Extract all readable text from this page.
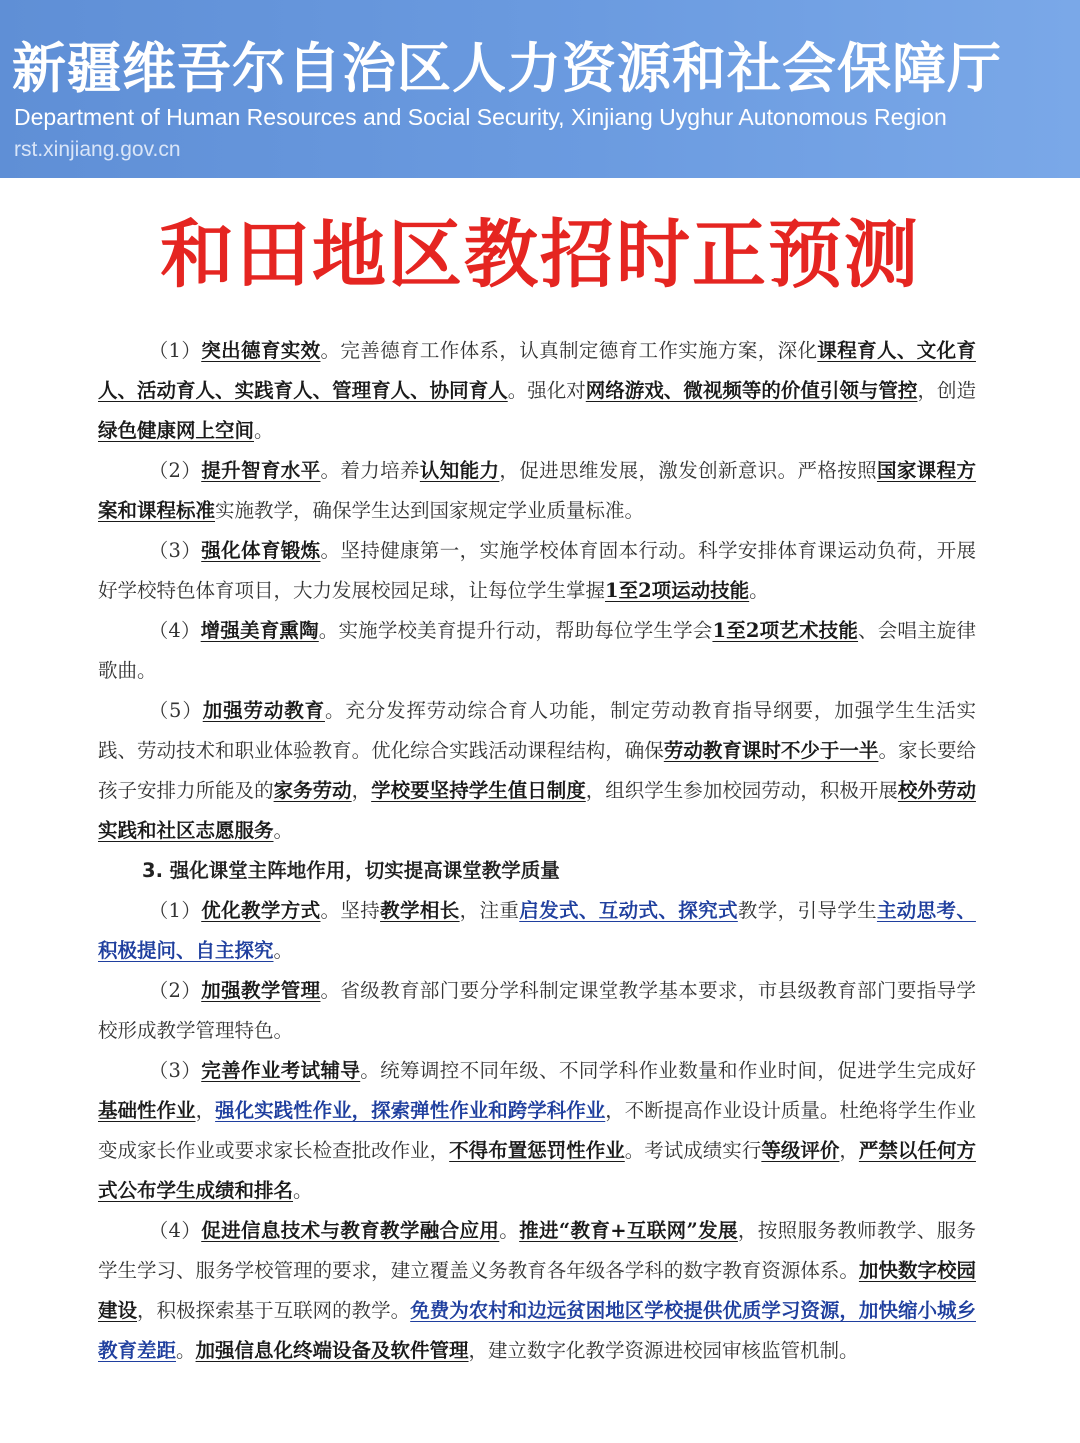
新疆维吾尔自治区人力资源和社会保障厅
Department of Human Resources and Social Security, Xinjiang Uyghur Autonomous Region
rst.xinjiang.gov.cn
和田地区教招时正预测

（1）突出德育实效。完善德育工作体系，认真制定德育工作实施方案，深化课程育人、文化育人、活动育人、实践育人、管理育人、协同育人。强化对网络游戏、微视频等的价值引领与管控，创造绿色健康网上空间。

（2）提升智育水平。着力培养认知能力，促进思维发展，激发创新意识。严格按照国家课程方案和课程标准实施教学，确保学生达到国家规定学业质量标准。

（3）强化体育锻炼。坚持健康第一，实施学校体育固本行动。科学安排体育课运动负荷，开展好学校特色体育项目，大力发展校园足球，让每位学生掌握1至2项运动技能。

（4）增强美育熏陶。实施学校美育提升行动，帮助每位学生学会1至2项艺术技能、会唱主旋律歌曲。

（5）加强劳动教育。充分发挥劳动综合育人功能，制定劳动教育指导纲要，加强学生生活实践、劳动技术和职业体验教育。优化综合实践活动课程结构，确保劳动教育课时不少于一半。家长要给孩子安排力所能及的家务劳动，学校要坚持学生值日制度，组织学生参加校园劳动，积极开展校外劳动实践和社区志愿服务。

3. 强化课堂主阵地作用，切实提高课堂教学质量

（1）优化教学方式。坚持教学相长，注重启发式、互动式、探究式教学，引导学生主动思考、积极提问、自主探究。

（2）加强教学管理。省级教育部门要分学科制定课堂教学基本要求，市县级教育部门要指导学校形成教学管理特色。

（3）完善作业考试辅导。统筹调控不同年级、不同学科作业数量和作业时间，促进学生完成好基础性作业，强化实践性作业，探索弹性作业和跨学科作业，不断提高作业设计质量。杜绝将学生作业变成家长作业或要求家长检查批改作业，不得布置惩罚性作业。考试成绩实行等级评价，严禁以任何方式公布学生成绩和排名。

（4）促进信息技术与教育教学融合应用。推进“教育+互联网”发展，按照服务教师教学、服务学生学习、服务学校管理的要求，建立覆盖义务教育各年级各学科的数字教育资源体系。加快数字校园建设，积极探索基于互联网的教学。免费为农村和边远贫困地区学校提供优质学习资源，加快缩小城乡教育差距。加强信息化终端设备及软件管理，建立数字化教学资源进校园审核监管机制。
